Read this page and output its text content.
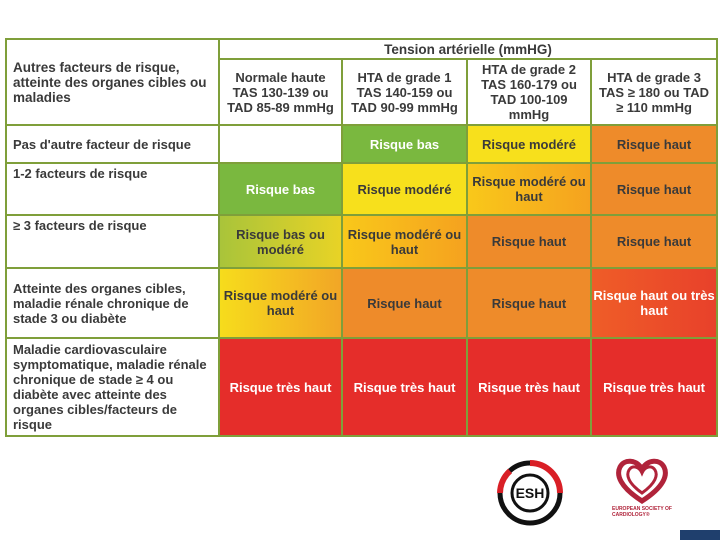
Autres facteurs de risque, atteinte des organes cibles ou maladies	Tension artérielle (mmHG)			
	Normale haute TAS 130-139 ou TAD 85-89 mmHg	HTA de grade 1 TAS 140-159 ou TAD 90-99 mmHg	HTA de grade 2 TAS 160-179 ou TAD 100-109 mmHg	HTA de grade 3 TAS ≥ 180 ou TAD ≥ 110 mmHg
Pas d'autre facteur de risque		Risque bas	Risque modéré	Risque haut
1-2 facteurs de risque	Risque bas	Risque modéré	Risque modéré ou haut	Risque haut
≥ 3 facteurs de risque	Risque bas ou modéré	Risque modéré ou haut	Risque haut	Risque haut
Atteinte des organes cibles, maladie rénale chronique de stade 3 ou diabète	Risque modéré ou haut	Risque haut	Risque haut	Risque haut ou très haut
Maladie cardiovasculaire symptomatique, maladie rénale chronique de stade ≥ 4 ou diabète avec atteinte des organes cibles/facteurs de risque	Risque très haut	Risque très haut	Risque très haut	Risque très haut
ESH
EUROPEAN SOCIETY OF CARDIOLOGY®
